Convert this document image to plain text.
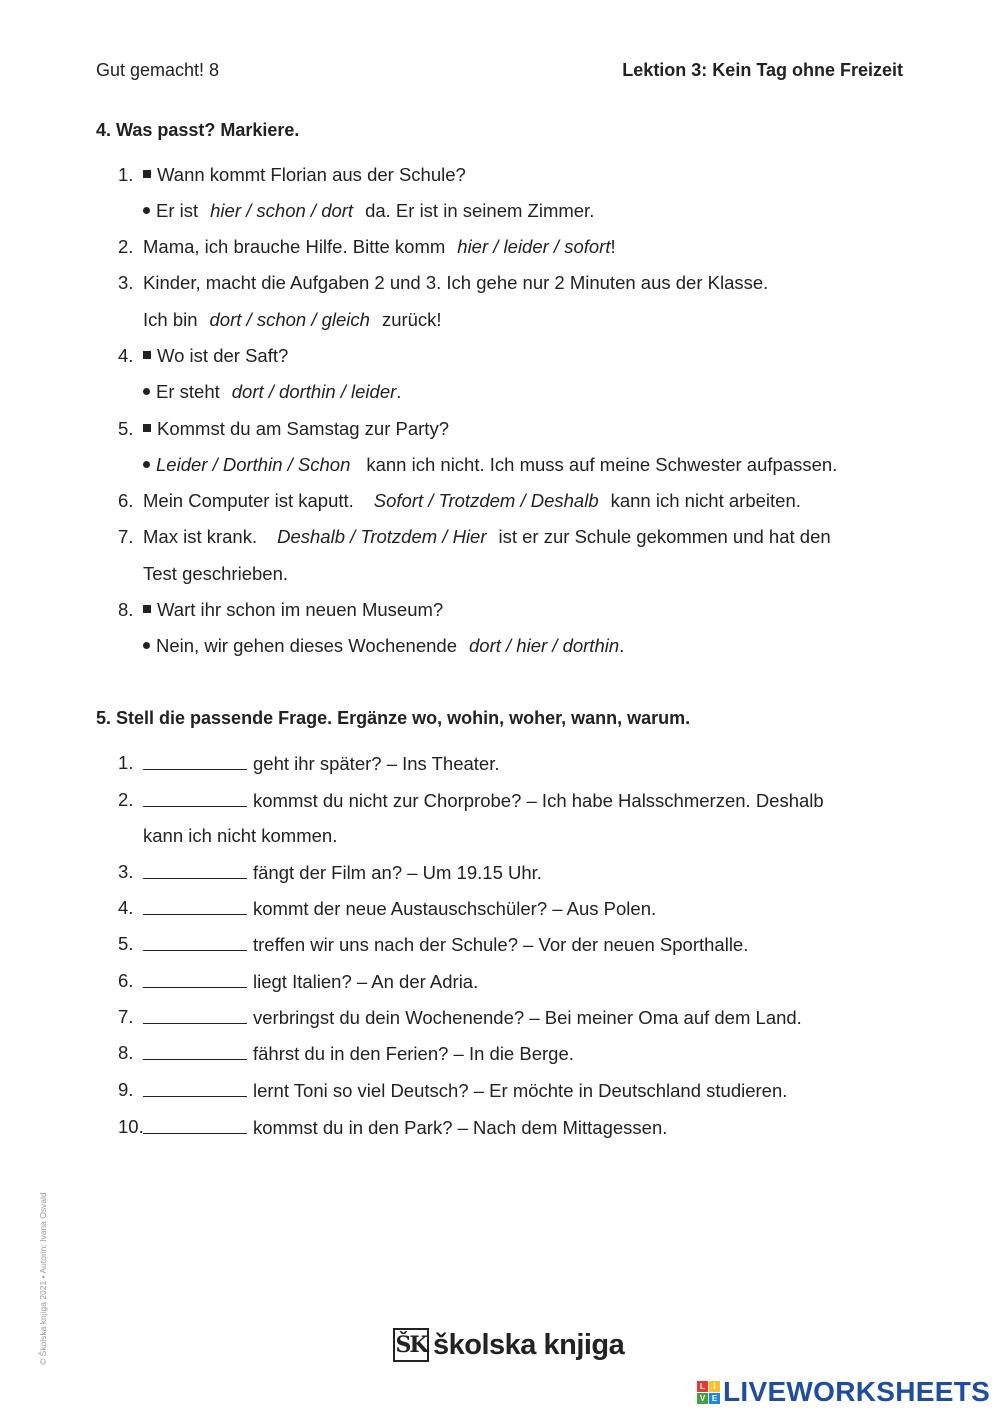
Gut gemacht! 8	Lektion 3: Kein Tag ohne Freizeit
4. Was passt? Markiere.
1.	Wann kommt Florian aus der Schule?
Er ist hier / schon / dort da. Er ist in seinem Zimmer.
2. Mama, ich brauche Hilfe. Bitte komm hier / leider / sofort!
3. Kinder, macht die Aufgaben 2 und 3. Ich gehe nur 2 Minuten aus der Klasse.
Ich bin dort / schon / gleich zurück!
4.	Wo ist der Saft?
Er steht dort / dorthin / leider.
5.	Kommst du am Samstag zur Party?
Leider / Dorthin / Schon kann ich nicht. Ich muss auf meine Schwester aufpassen.
6. Mein Computer ist kaputt. Sofort / Trotzdem / Deshalb kann ich nicht arbeiten.
7. Max ist krank. Deshalb / Trotzdem / Hier ist er zur Schule gekommen und hat den
Test geschrieben.
8.	Wart ihr schon im neuen Museum?
Nein, wir gehen dieses Wochenende dort / hier / dorthin.
5. Stell die passende Frage. Ergänze wo, wohin, woher, wann, warum.
1.	geht ihr später? – Ins Theater.
2.	kommst du nicht zur Chorprobe? – Ich habe Halsschmerzen. Deshalb
kann ich nicht kommen.
3.	fängt der Film an? – Um 19.15 Uhr.
4.	kommt der neue Austauschschüler? – Aus Polen.
5.	treffen wir uns nach der Schule? – Vor der neuen Sporthalle.
6.	liegt Italien? – An der Adria.
7.	verbringst du dein Wochenende? – Bei meiner Oma auf dem Land.
8.	fährst du in den Ferien? – In die Berge.
9.	lernt Toni so viel Deutsch? – Er möchte in Deutschland studieren.
10.	kommst du in den Park? – Nach dem Mittagessen.
© Školska knjiga 2021 • Autorin: Ivana Osvald	ŠK školska knjiga
L	I
V E LIVEWORKSHEETS
